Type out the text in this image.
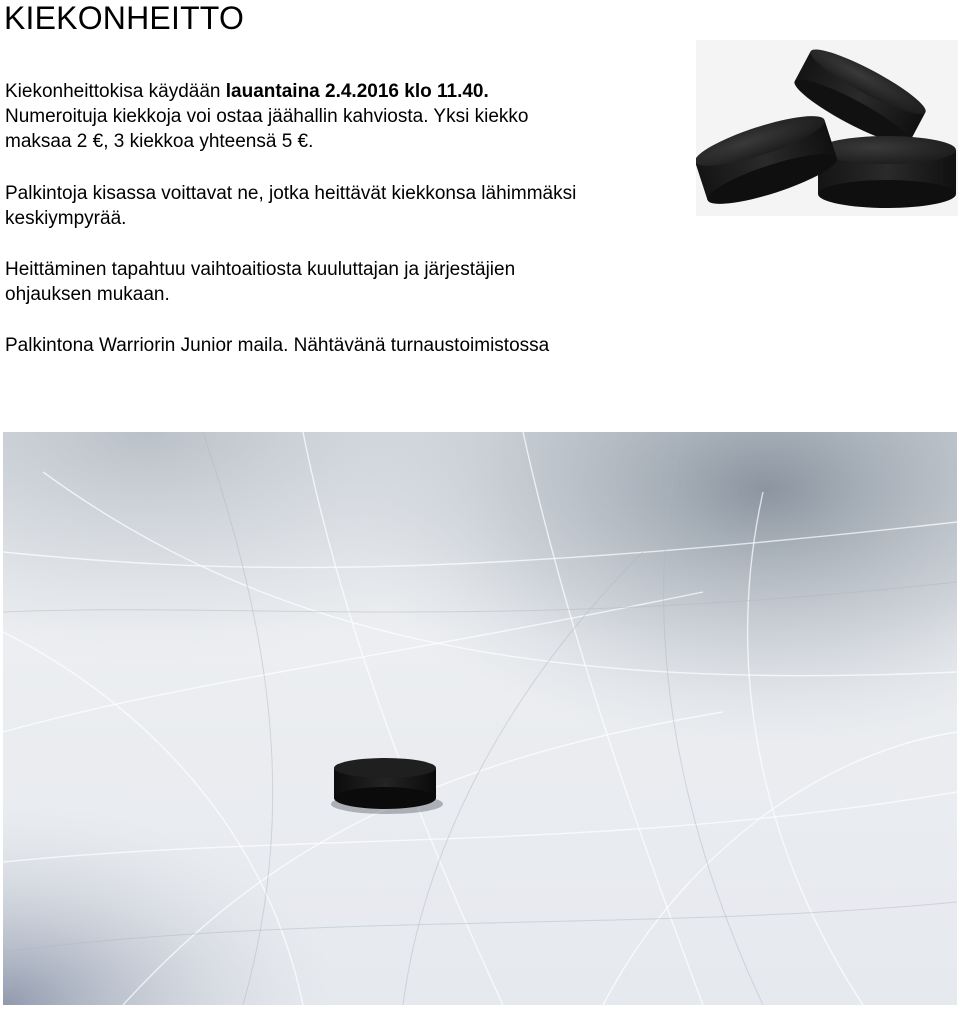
KIEKONHEITTO

Kiekonheittokisa käydään lauantaina 2.4.2016 klo 11.40.
Numeroituja kiekkoja voi ostaa jäähallin kahviosta. Yksi kiekko
maksaa 2 €, 3 kiekkoa yhteensä 5 €.

Palkintoja kisassa voittavat ne, jotka heittävät kiekkonsa lähimmäksi
keskiympyrää.

Heittäminen tapahtuu vaihtoaitiosta kuuluttajan ja järjestäjien
ohjauksen mukaan.

Palkintona Warriorin Junior maila. Nähtävänä turnaustoimistossa
